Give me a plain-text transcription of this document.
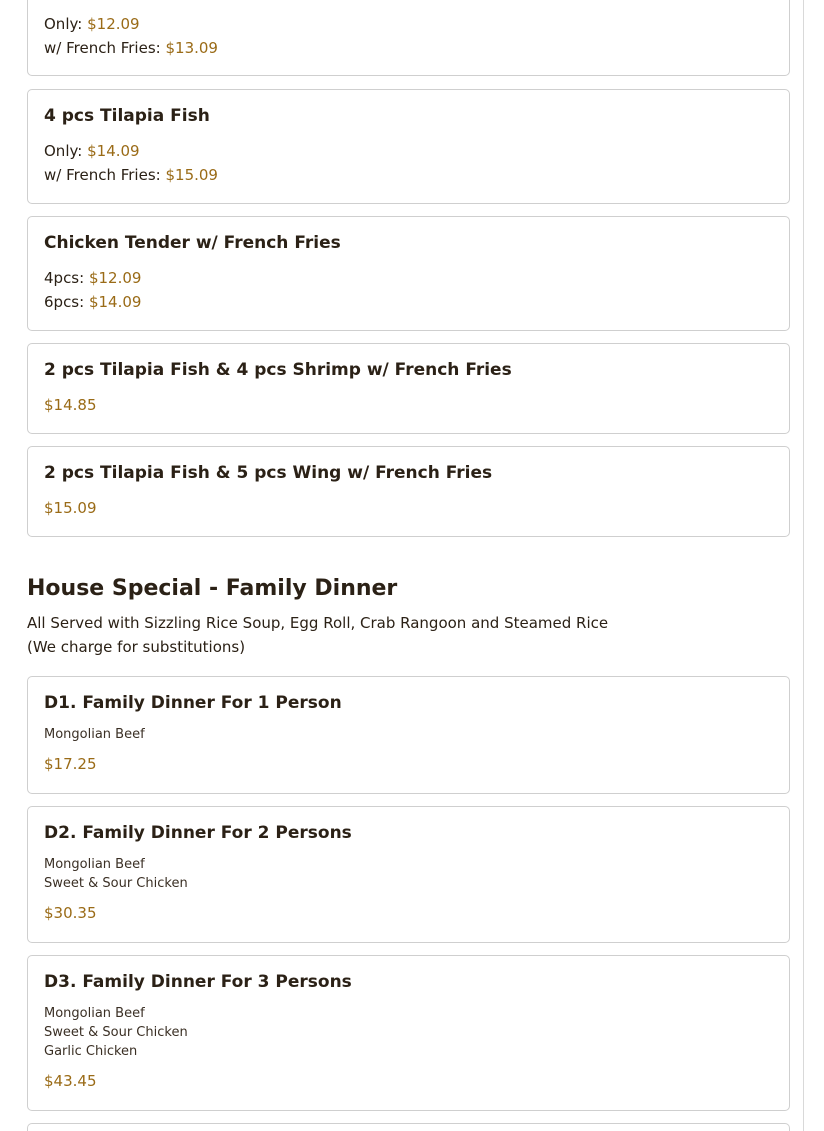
Only: $12.09
w/ French Fries: $13.09
4 pcs Tilapia Fish
Only: $14.09
w/ French Fries: $15.09
Chicken Tender w/ French Fries
4pcs: $12.09
6pcs: $14.09
2 pcs Tilapia Fish & 4 pcs Shrimp w/ French Fries
$14.85
2 pcs Tilapia Fish & 5 pcs Wing w/ French Fries
$15.09
House Special - Family Dinner
All Served with Sizzling Rice Soup, Egg Roll, Crab Rangoon and Steamed Rice
(We charge for substitutions)
D1. Family Dinner For 1 Person
Mongolian Beef
$17.25
D2. Family Dinner For 2 Persons
Mongolian Beef
Sweet & Sour Chicken
$30.35
D3. Family Dinner For 3 Persons
Mongolian Beef
Sweet & Sour Chicken
Garlic Chicken
$43.45
